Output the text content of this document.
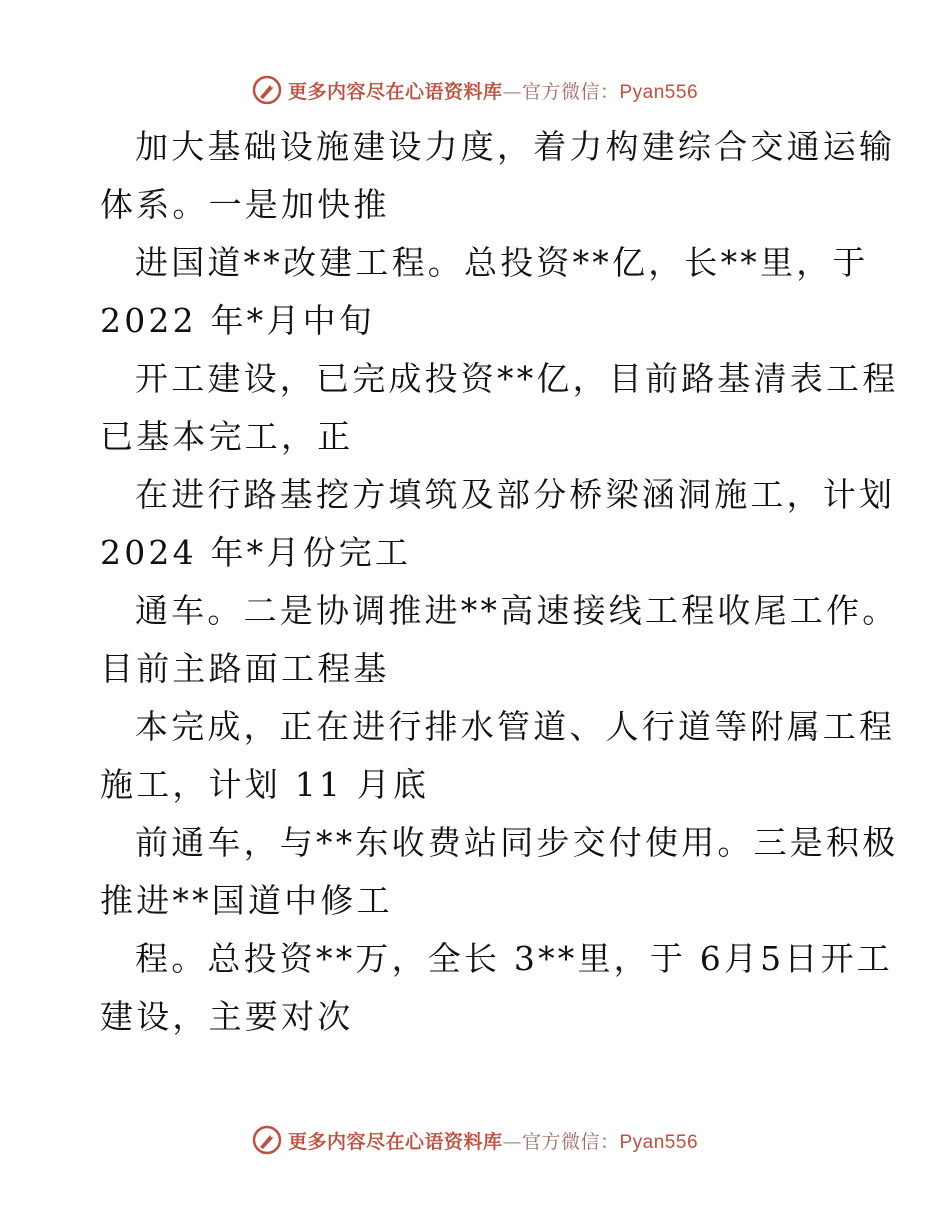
更多内容尽在心语资料库—官方微信：Pyan556
加大基础设施建设力度，着力构建综合交通运输
体系。一是加快推
进国道**改建工程。总投资**亿，长**里，于
2022 年*月中旬
开工建设，已完成投资**亿，目前路基清表工程
已基本完工，正
在进行路基挖方填筑及部分桥梁涵洞施工，计划
2024 年*月份完工
通车。二是协调推进**高速接线工程收尾工作。
目前主路面工程基
本完成，正在进行排水管道、人行道等附属工程
施工，计划 11 月底
前通车，与**东收费站同步交付使用。三是积极
推进**国道中修工
程。总投资**万，全长 3**里，于 6月5日开工
建设，主要对次
更多内容尽在心语资料库—官方微信：Pyan556
